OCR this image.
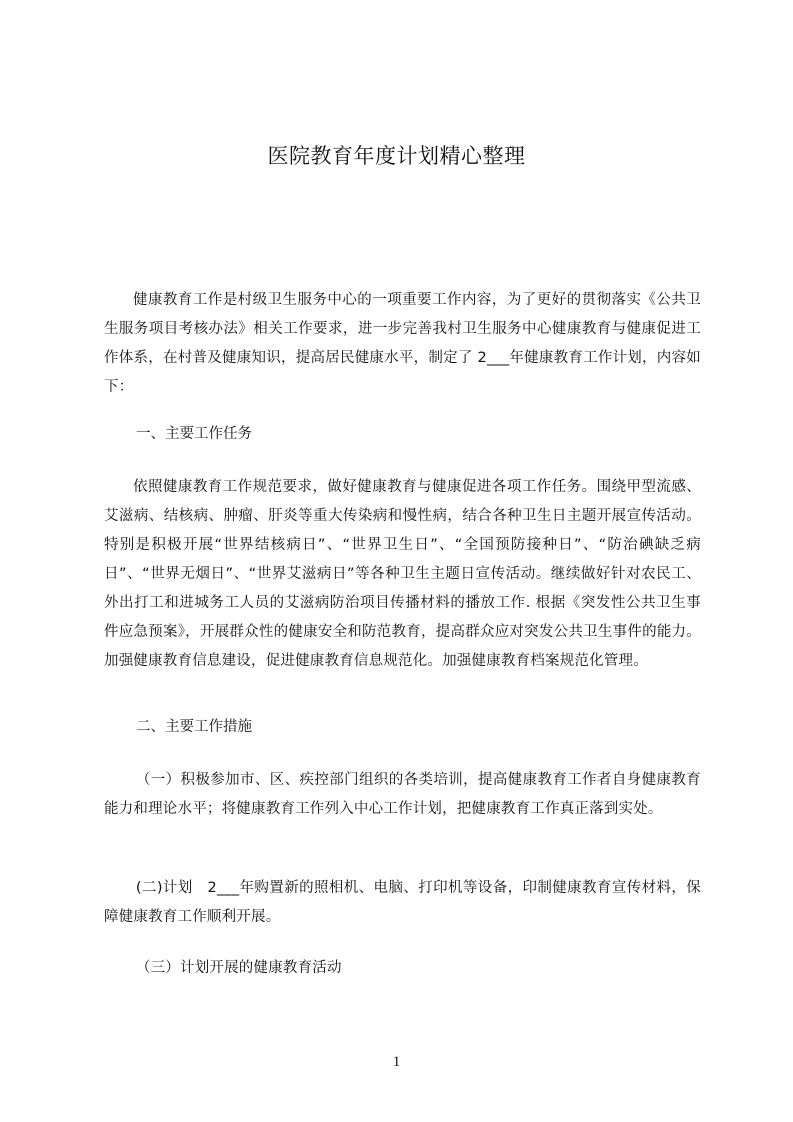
医院教育年度计划精心整理

健康教育工作是村级卫生服务中心的一项重要工作内容，为了更好的贯彻落实《公共卫生服务项目考核办法》相关工作要求，进一步完善我村卫生服务中心健康教育与健康促进工作体系，在村普及健康知识，提高居民健康水平，制定了 2___年健康教育工作计划，内容如下：

一、主要工作任务

依照健康教育工作规范要求，做好健康教育与健康促进各项工作任务。围绕甲型流感、艾滋病、结核病、肿瘤、肝炎等重大传染病和慢性病，结合各种卫生日主题开展宣传活动。特别是积极开展“世界结核病日”、“世界卫生日”、“全国预防接种日”、“防治碘缺乏病日”、“世界无烟日”、“世界艾滋病日”等各种卫生主题日宣传活动。继续做好针对农民工、外出打工和进城务工人员的艾滋病防治项目传播材料的播放工作. 根据《突发性公共卫生事件应急预案》，开展群众性的健康安全和防范教育，提高群众应对突发公共卫生事件的能力。加强健康教育信息建设，促进健康教育信息规范化。加强健康教育档案规范化管理。

二、主要工作措施

（一）积极参加市、区、疾控部门组织的各类培训，提高健康教育工作者自身健康教育能力和理论水平；将健康教育工作列入中心工作计划，把健康教育工作真正落到实处。

(二)计划　2___年购置新的照相机、电脑、打印机等设备，印制健康教育宣传材料，保障健康教育工作顺利开展。

（三）计划开展的健康教育活动

1
